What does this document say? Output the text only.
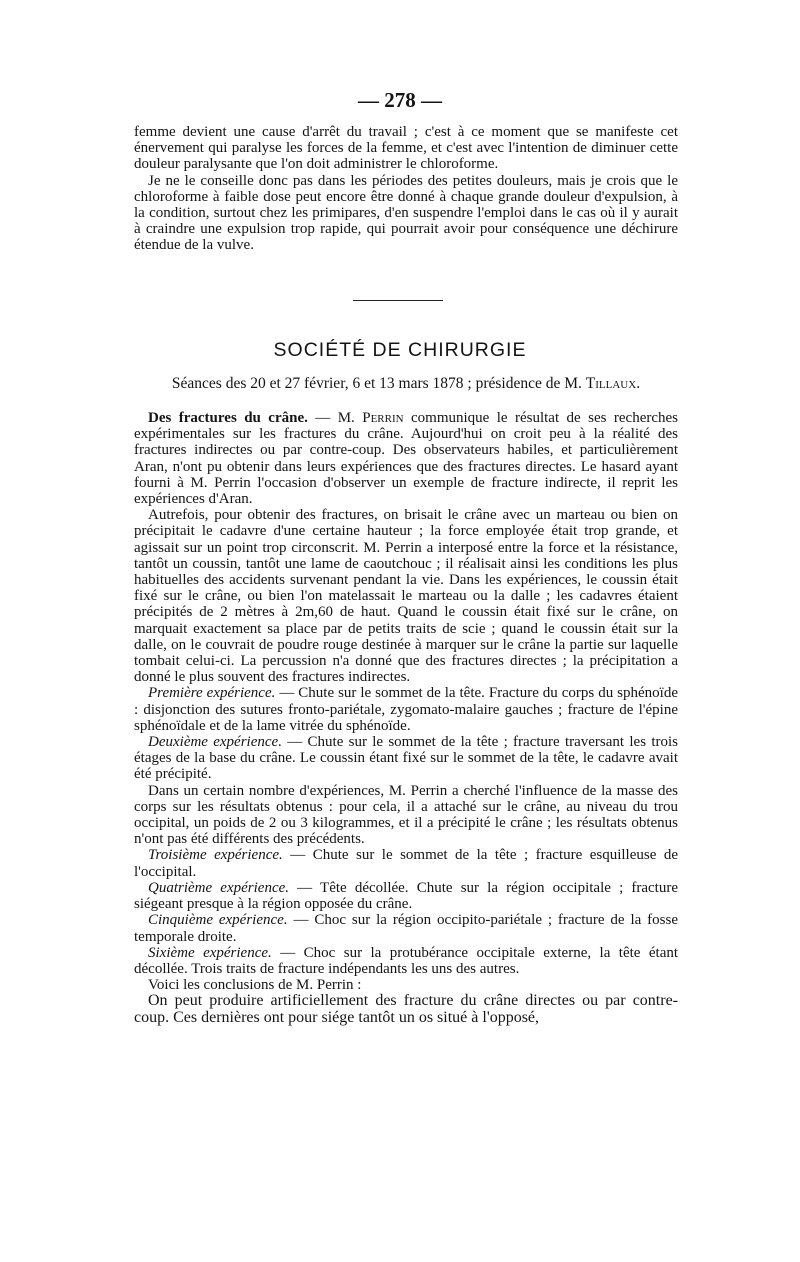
— 278 —

femme devient une cause d'arrêt du travail ; c'est à ce moment que se manifeste cet énervement qui paralyse les forces de la femme, et c'est avec l'intention de diminuer cette douleur paralysante que l'on doit administrer le chloroforme.

Je ne le conseille donc pas dans les périodes des petites douleurs, mais je crois que le chloroforme à faible dose peut encore être donné à chaque grande douleur d'expulsion, à la condition, surtout chez les primipares, d'en suspendre l'emploi dans le cas où il y aurait à craindre une expulsion trop rapide, qui pourrait avoir pour conséquence une déchirure étendue de la vulve.

SOCIÉTÉ DE CHIRURGIE
Séances des 20 et 27 février, 6 et 13 mars 1878 ; présidence de M. Tillaux.

Des fractures du crâne. — M. Perrin communique le résultat de ses recherches expérimentales sur les fractures du crâne. Aujourd'hui on croit peu à la réalité des fractures indirectes ou par contre-coup. Des observateurs habiles, et particulièrement Aran, n'ont pu obtenir dans leurs expériences que des fractures directes. Le hasard ayant fourni à M. Perrin l'occasion d'observer un exemple de fracture indirecte, il reprit les expériences d'Aran.

Autrefois, pour obtenir des fractures, on brisait le crâne avec un marteau ou bien on précipitait le cadavre d'une certaine hauteur ; la force employée était trop grande, et agissait sur un point trop circonscrit. M. Perrin a interposé entre la force et la résistance, tantôt un coussin, tantôt une lame de caoutchouc ; il réalisait ainsi les conditions les plus habituelles des accidents survenant pendant la vie. Dans les expériences, le coussin était fixé sur le crâne, ou bien l'on matelassait le marteau ou la dalle ; les cadavres étaient précipités de 2 mètres à 2m,60 de haut. Quand le coussin était fixé sur le crâne, on marquait exactement sa place par de petits traits de scie ; quand le coussin était sur la dalle, on le couvrait de poudre rouge destinée à marquer sur le crâne la partie sur laquelle tombait celui-ci. La percussion n'a donné que des fractures directes ; la précipitation a donné le plus souvent des fractures indirectes.

Première expérience. — Chute sur le sommet de la tête. Fracture du corps du sphénoïde : disjonction des sutures fronto-pariétale, zygomato-malaire gauches ; fracture de l'épine sphénoïdale et de la lame vitrée du sphénoïde.

Deuxième expérience. — Chute sur le sommet de la tête ; fracture traversant les trois étages de la base du crâne. Le coussin étant fixé sur le sommet de la tête, le cadavre avait été précipité.

Dans un certain nombre d'expériences, M. Perrin a cherché l'influence de la masse des corps sur les résultats obtenus : pour cela, il a attaché sur le crâne, au niveau du trou occipital, un poids de 2 ou 3 kilogrammes, et il a précipité le crâne ; les résultats obtenus n'ont pas été différents des précédents.

Troisième expérience. — Chute sur le sommet de la tête ; fracture esquilleuse de l'occipital.

Quatrième expérience. — Tête décollée. Chute sur la région occipitale ; fracture siégeant presque à la région opposée du crâne.

Cinquième expérience. — Choc sur la région occipito-pariétale ; fracture de la fosse temporale droite.

Sixième expérience. — Choc sur la protubérance occipitale externe, la tête étant décollée. Trois traits de fracture indépendants les uns des autres.

Voici les conclusions de M. Perrin :

On peut produire artificiellement des fracture du crâne directes ou par contre-coup. Ces dernières ont pour siége tantôt un os situé à l'opposé,
